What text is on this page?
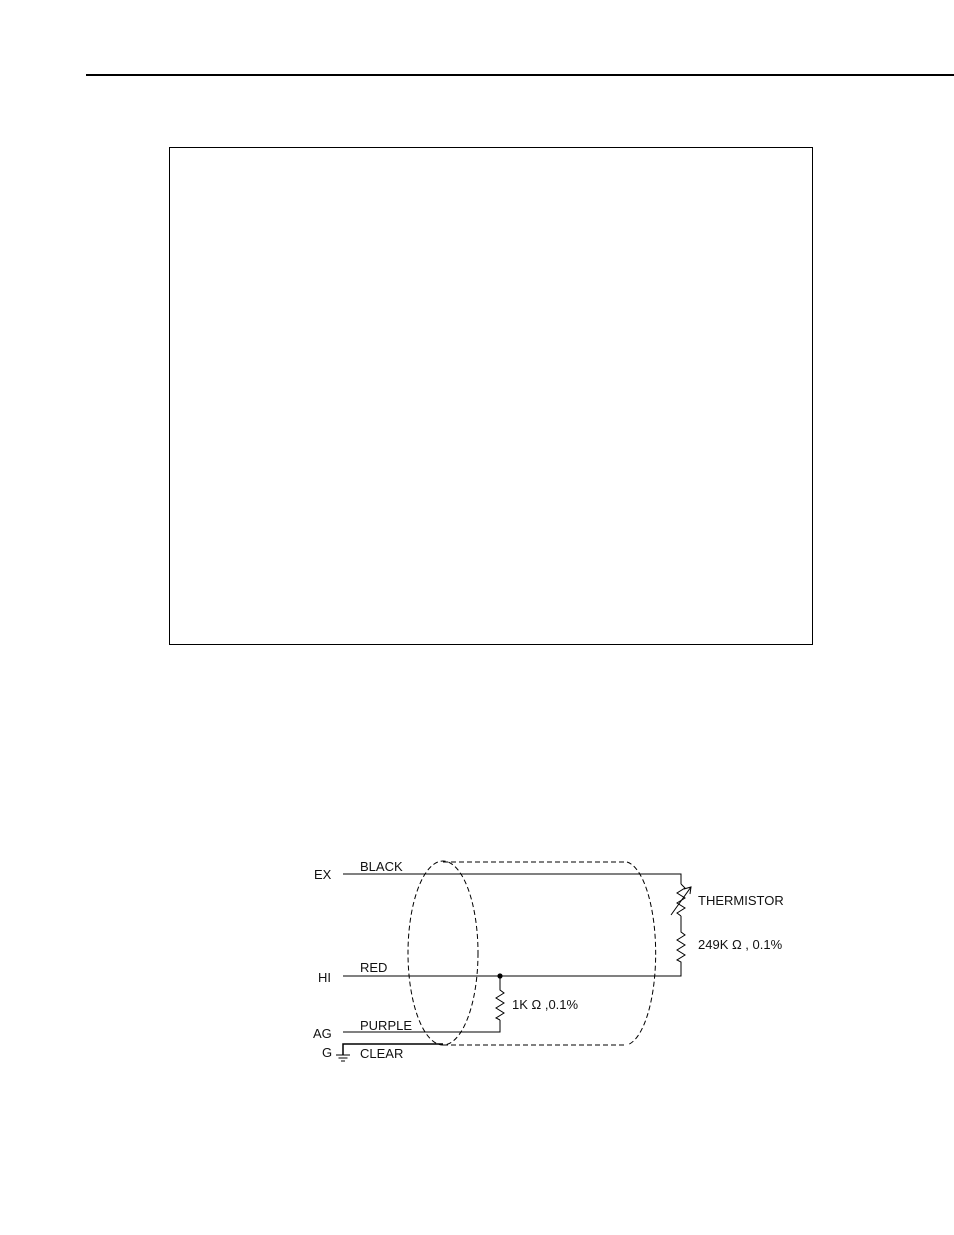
EX
HI
AG
G
BLACK
RED
PURPLE
CLEAR
THERMISTOR
249K Ω , 0.1%
1K Ω ,0.1%
